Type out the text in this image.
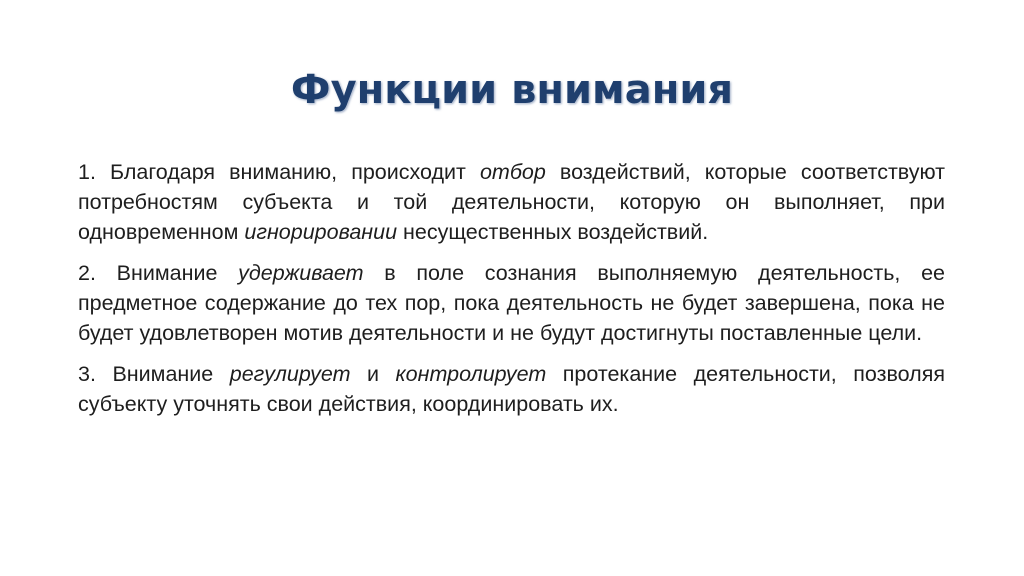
Функции внимания

1. Благодаря вниманию, происходит отбор воздействий, которые соответствуют потребностям субъекта и той деятельности, которую он выполняет, при одновременном игнорировании несущественных воздействий.

2. Внимание удерживает в поле сознания выполняемую деятельность, ее предметное содержание до тех пор, пока деятельность не будет завершена, пока не будет удовлетворен мотив деятельности и не будут достигнуты поставленные цели.

3. Внимание регулирует и контролирует протекание деятельности, позволяя субъекту уточнять свои действия, координировать их.
